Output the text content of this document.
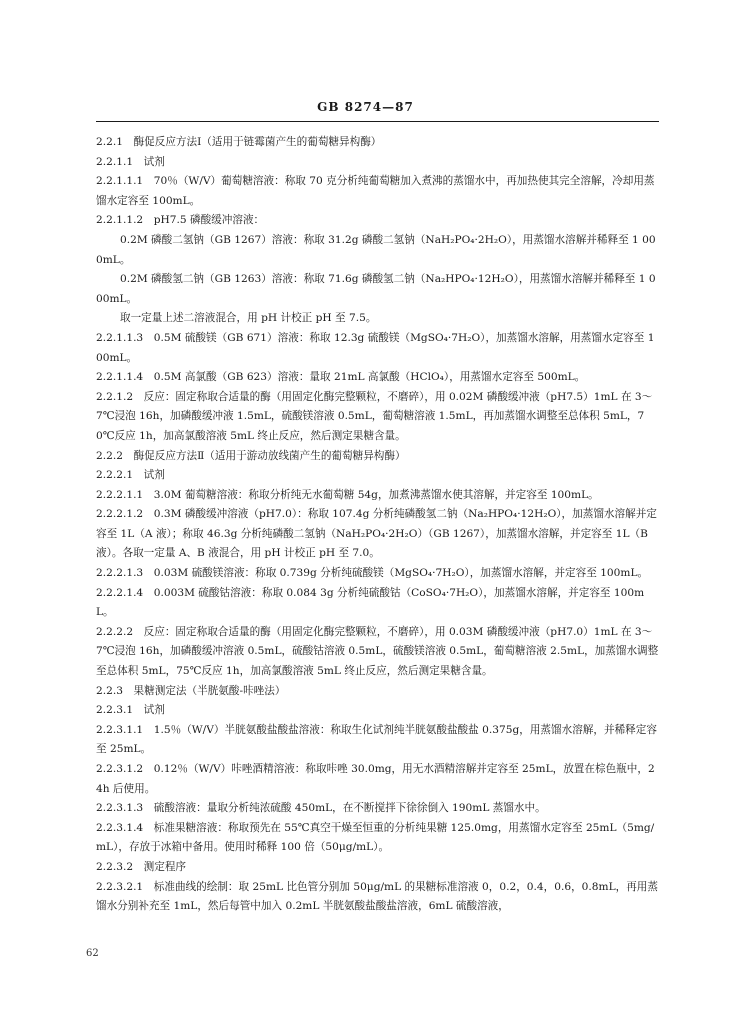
GB 8274—87

2.2.1　酶促反应方法Ⅰ（适用于链霉菌产生的葡萄糖异构酶）

2.2.1.1　试剂

2.2.1.1.1　70％（W/V）葡萄糖溶液：称取 70 克分析纯葡萄糖加入煮沸的蒸馏水中，再加热使其完全溶解，冷却用蒸馏水定容至 100mL。

2.2.1.1.2　pH7.5 磷酸缓冲溶液：

0.2M 磷酸二氢钠（GB 1267）溶液：称取 31.2g 磷酸二氢钠（NaH₂PO₄·2H₂O），用蒸馏水溶解并稀释至 1 000mL。

0.2M 磷酸氢二钠（GB 1263）溶液：称取 71.6g 磷酸氢二钠（Na₂HPO₄·12H₂O），用蒸馏水溶解并稀释至 1 000mL。

取一定量上述二溶液混合，用 pH 计校正 pH 至 7.5。

2.2.1.1.3　0.5M 硫酸镁（GB 671）溶液：称取 12.3g 硫酸镁（MgSO₄·7H₂O），加蒸馏水溶解，用蒸馏水定容至 100mL。

2.2.1.1.4　0.5M 高氯酸（GB 623）溶液：量取 21mL 高氯酸（HClO₄），用蒸馏水定容至 500mL。

2.2.1.2　反应：固定称取合适量的酶（用固定化酶完整颗粒，不磨碎），用 0.02M 磷酸缓冲液（pH7.5）1mL 在 3～7℃浸泡 16h，加磷酸缓冲液 1.5mL，硫酸镁溶液 0.5mL，葡萄糖溶液 1.5mL，再加蒸馏水调整至总体积 5mL，70℃反应 1h，加高氯酸溶液 5mL 终止反应，然后测定果糖含量。

2.2.2　酶促反应方法Ⅱ（适用于游动放线菌产生的葡萄糖异构酶）

2.2.2.1　试剂

2.2.2.1.1　3.0M 葡萄糖溶液：称取分析纯无水葡萄糖 54g，加煮沸蒸馏水使其溶解，并定容至 100mL。

2.2.2.1.2　0.3M 磷酸缓冲溶液（pH7.0）：称取 107.4g 分析纯磷酸氢二钠（Na₂HPO₄·12H₂O），加蒸馏水溶解并定容至 1L（A 液）；称取 46.3g 分析纯磷酸二氢钠（NaH₂PO₄·2H₂O）（GB 1267），加蒸馏水溶解，并定容至 1L（B 液）。各取一定量 A、B 液混合，用 pH 计校正 pH 至 7.0。

2.2.2.1.3　0.03M 硫酸镁溶液：称取 0.739g 分析纯硫酸镁（MgSO₄·7H₂O），加蒸馏水溶解，并定容至 100mL。

2.2.2.1.4　0.003M 硫酸钴溶液：称取 0.084 3g 分析纯硫酸钴（CoSO₄·7H₂O），加蒸馏水溶解，并定容至 100mL。

2.2.2.2　反应：固定称取合适量的酶（用固定化酶完整颗粒，不磨碎），用 0.03M 磷酸缓冲液（pH7.0）1mL 在 3～7℃浸泡 16h，加磷酸缓冲溶液 0.5mL，硫酸钴溶液 0.5mL，硫酸镁溶液 0.5mL，葡萄糖溶液 2.5mL，加蒸馏水调整至总体积 5mL，75℃反应 1h，加高氯酸溶液 5mL 终止反应，然后测定果糖含量。

2.2.3　果糖测定法（半胱氨酸-咔唑法）

2.2.3.1　试剂

2.2.3.1.1　1.5％（W/V）半胱氨酸盐酸盐溶液：称取生化试剂纯半胱氨酸盐酸盐 0.375g，用蒸馏水溶解，并稀释定容至 25mL。

2.2.3.1.2　0.12％（W/V）咔唑酒精溶液：称取咔唑 30.0mg，用无水酒精溶解并定容至 25mL，放置在棕色瓶中，24h 后使用。

2.2.3.1.3　硫酸溶液：量取分析纯浓硫酸 450mL，在不断搅拌下徐徐倒入 190mL 蒸馏水中。

2.2.3.1.4　标准果糖溶液：称取预先在 55℃真空干燥至恒重的分析纯果糖 125.0mg，用蒸馏水定容至 25mL（5mg/mL），存放于冰箱中备用。使用时稀释 100 倍（50μg/mL）。

2.2.3.2　测定程序

2.2.3.2.1　标准曲线的绘制：取 25mL 比色管分别加 50μg/mL 的果糖标准溶液 0，0.2，0.4，0.6，0.8mL，再用蒸馏水分别补充至 1mL，然后每管中加入 0.2mL 半胱氨酸盐酸盐溶液，6mL 硫酸溶液，

62
